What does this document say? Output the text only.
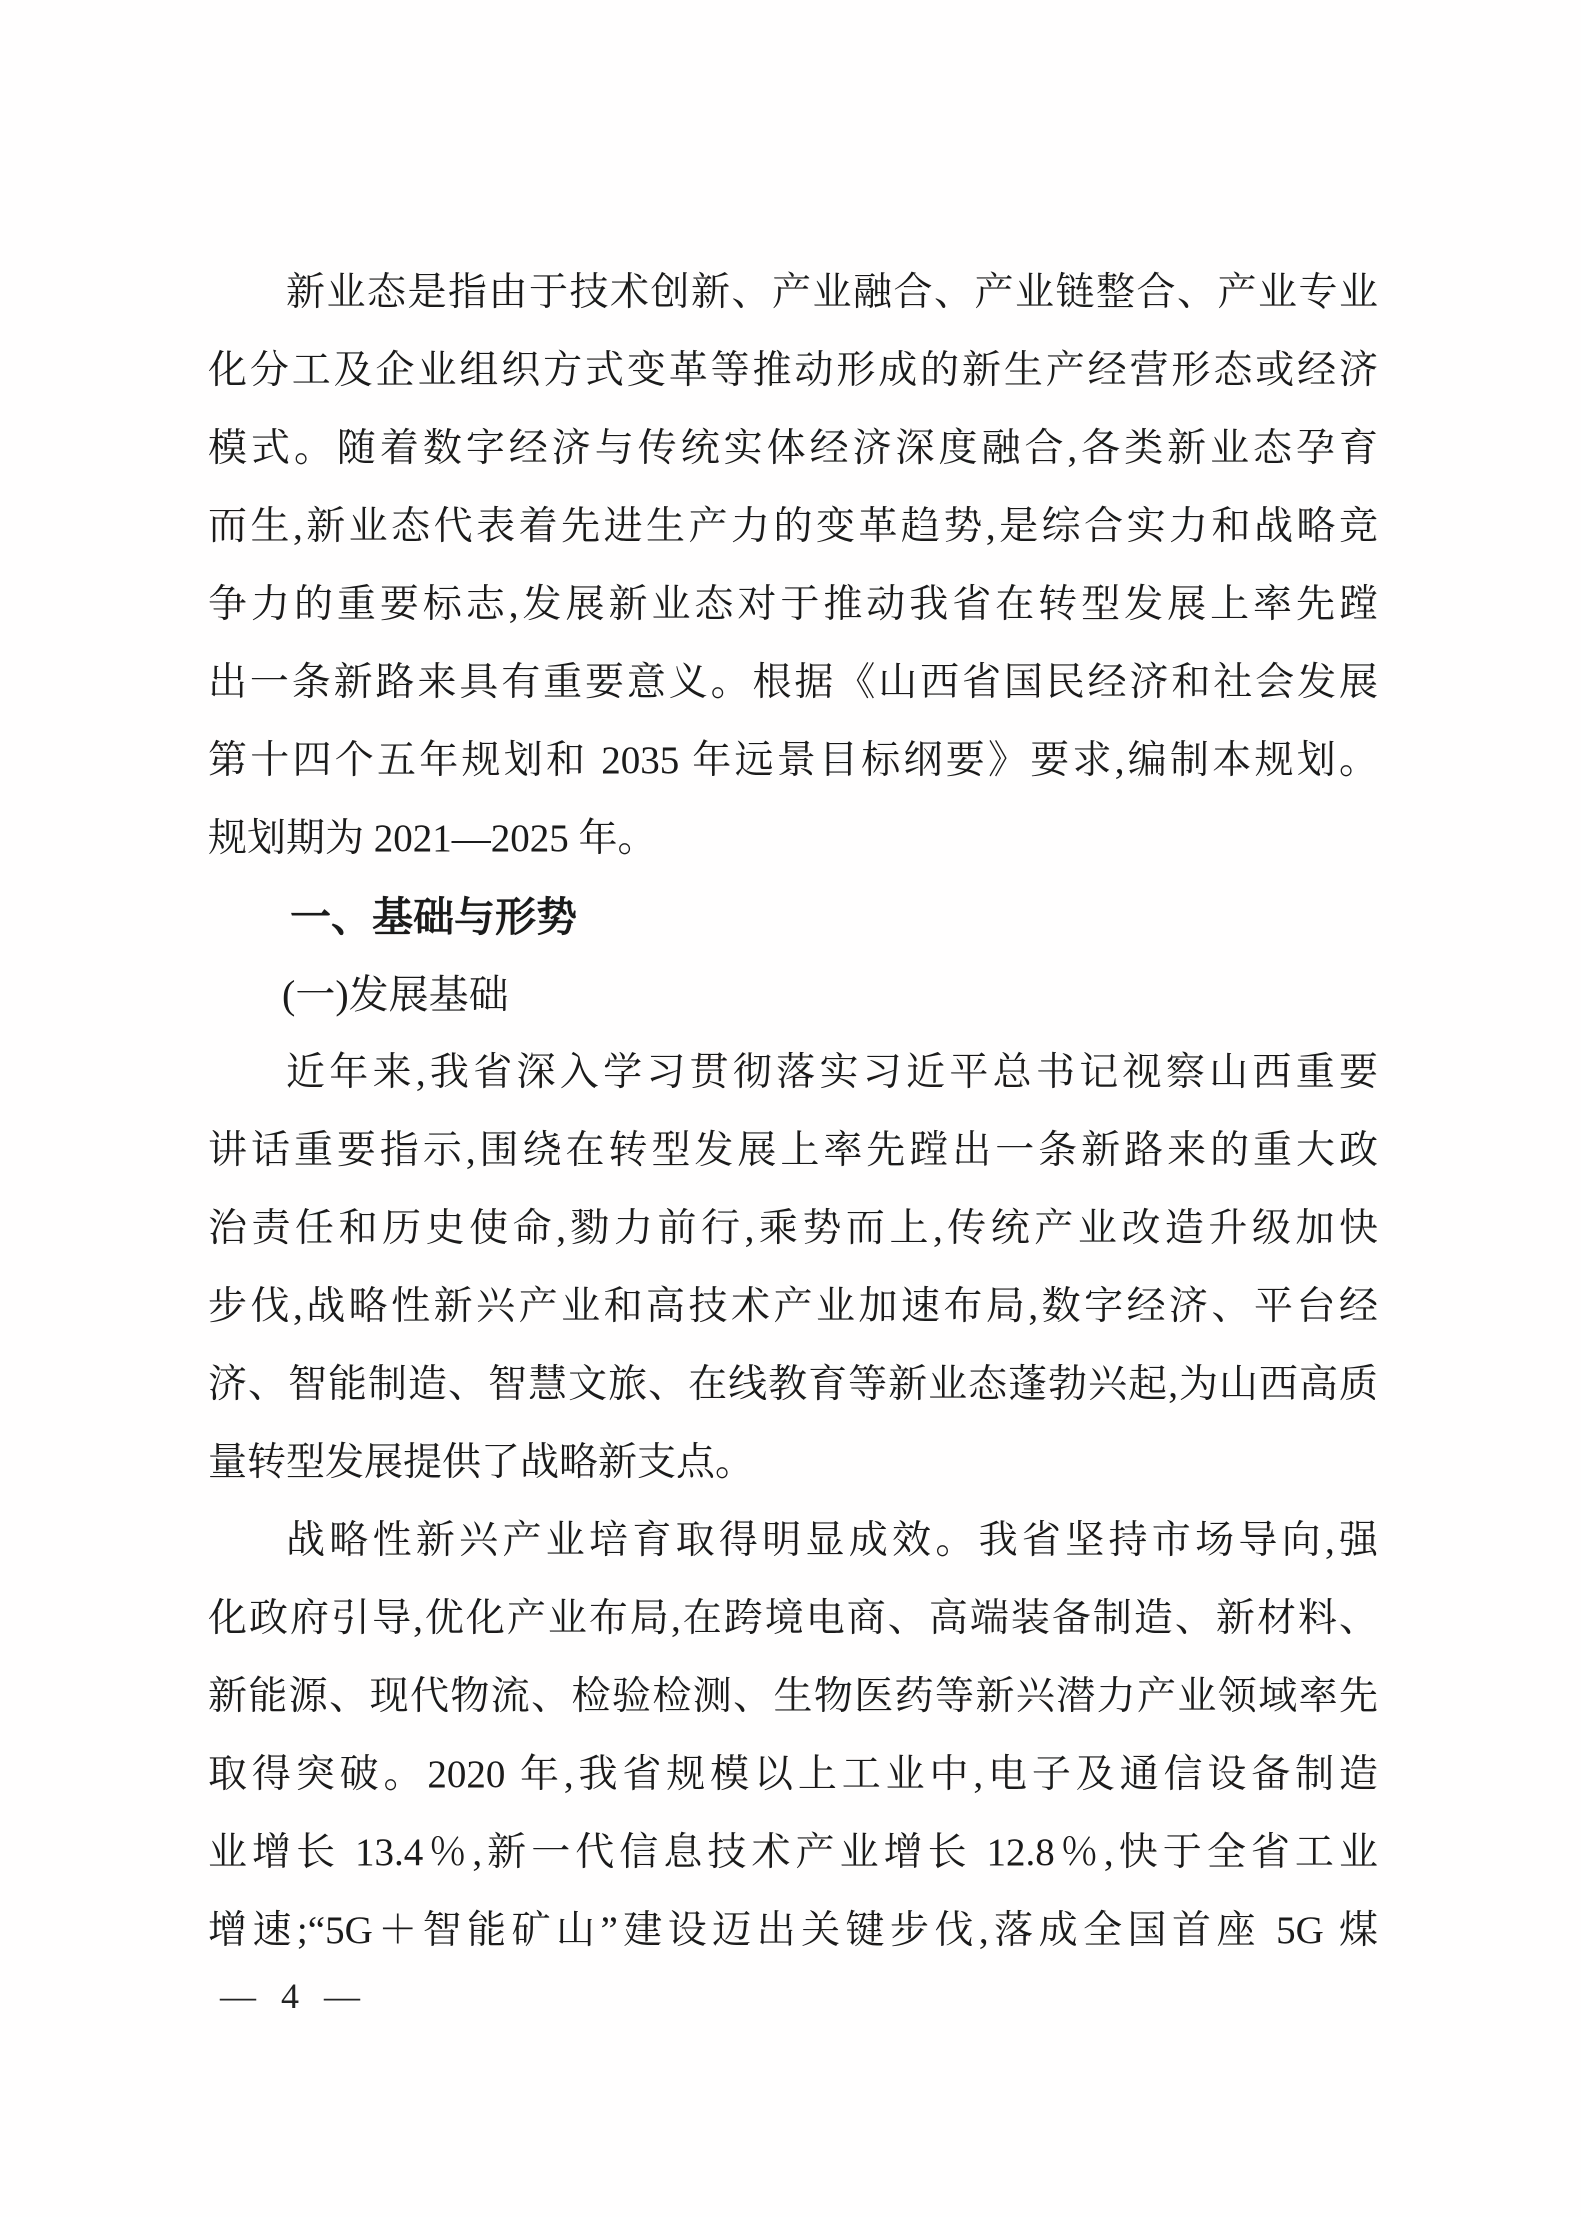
新业态是指由于技术创新、产业融合、产业链整合、产业专业
化分工及企业组织方式变革等推动形成的新生产经营形态或经济
模式。随着数字经济与传统实体经济深度融合,各类新业态孕育
而生,新业态代表着先进生产力的变革趋势,是综合实力和战略竞
争力的重要标志,发展新业态对于推动我省在转型发展上率先蹚
出一条新路来具有重要意义。根据《山西省国民经济和社会发展
第十四个五年规划和 2035 年远景目标纲要》要求,编制本规划。
规划期为 2021—2025 年。
一、基础与形势
(一)发展基础
近年来,我省深入学习贯彻落实习近平总书记视察山西重要
讲话重要指示,围绕在转型发展上率先蹚出一条新路来的重大政
治责任和历史使命,勠力前行,乘势而上,传统产业改造升级加快
步伐,战略性新兴产业和高技术产业加速布局,数字经济、平台经
济、智能制造、智慧文旅、在线教育等新业态蓬勃兴起,为山西高质
量转型发展提供了战略新支点。
战略性新兴产业培育取得明显成效。我省坚持市场导向,强
化政府引导,优化产业布局,在跨境电商、高端装备制造、新材料、
新能源、现代物流、检验检测、生物医药等新兴潜力产业领域率先
取得突破。2020 年,我省规模以上工业中,电子及通信设备制造
业增长 13.4％,新一代信息技术产业增长 12.8％,快于全省工业
增速;“5G＋智能矿山”建设迈出关键步伐,落成全国首座 5G 煤
— 4 —
